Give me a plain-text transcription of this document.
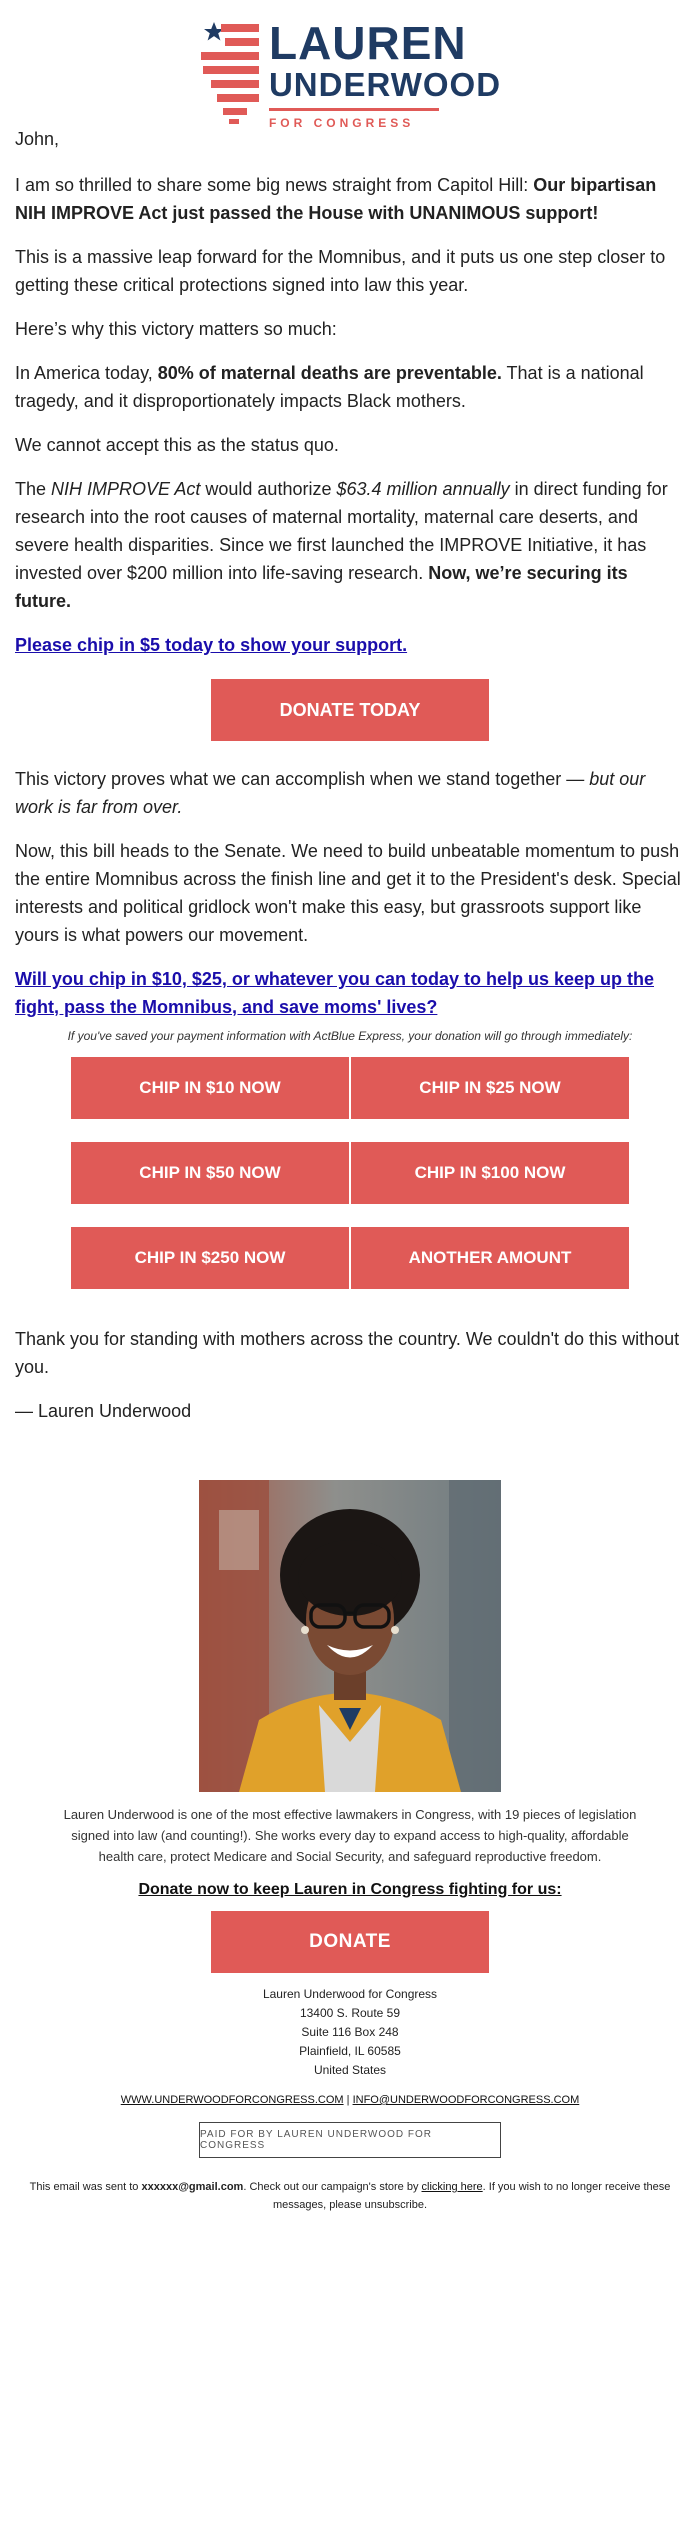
LAUREN
UNDERWOOD
FOR CONGRESS

John,

I am so thrilled to share some big news straight from Capitol Hill: Our bipartisan NIH IMPROVE Act just passed the House with UNANIMOUS support!

This is a massive leap forward for the Momnibus, and it puts us one step closer to getting these critical protections signed into law this year.

Here’s why this victory matters so much:

In America today, 80% of maternal deaths are preventable. That is a national tragedy, and it disproportionately impacts Black mothers.

We cannot accept this as the status quo.

The NIH IMPROVE Act would authorize $63.4 million annually in direct funding for research into the root causes of maternal mortality, maternal care deserts, and severe health disparities. Since we first launched the IMPROVE Initiative, it has invested over $200 million into life-saving research. Now, we’re securing its future.

Please chip in $5 today to show your support.
DONATE TODAY

This victory proves what we can accomplish when we stand together — but our work is far from over.

Now, this bill heads to the Senate. We need to build unbeatable momentum to push the entire Momnibus across the finish line and get it to the President's desk. Special interests and political gridlock won't make this easy, but grassroots support like yours is what powers our movement.

Will you chip in $10, $25, or whatever you can today to help us keep up the fight, pass the Momnibus, and save moms' lives?
If you've saved your payment information with ActBlue Express, your donation will go through immediately:
CHIP IN $10 NOW	CHIP IN $25 NOW
CHIP IN $50 NOW	CHIP IN $100 NOW
CHIP IN $250 NOW	ANOTHER AMOUNT

Thank you for standing with mothers across the country. We couldn't do this without you.

— Lauren Underwood

Lauren Underwood is one of the most effective lawmakers in Congress, with 19 pieces of legislation signed into law (and counting!). She works every day to expand access to high-quality, affordable health care, protect Medicare and Social Security, and safeguard reproductive freedom.
Donate now to keep Lauren in Congress fighting for us:
DONATE
Lauren Underwood for Congress
13400 S. Route 59
Suite 116 Box 248
Plainfield, IL 60585
United States
WWW.UNDERWOODFORCONGRESS.COM | INFO@UNDERWOODFORCONGRESS.COM
PAID FOR BY LAUREN UNDERWOOD FOR CONGRESS
This email was sent to xxxxxx@gmail.com. Check out our campaign's store by clicking here. If you wish to no longer receive these messages, please unsubscribe.
